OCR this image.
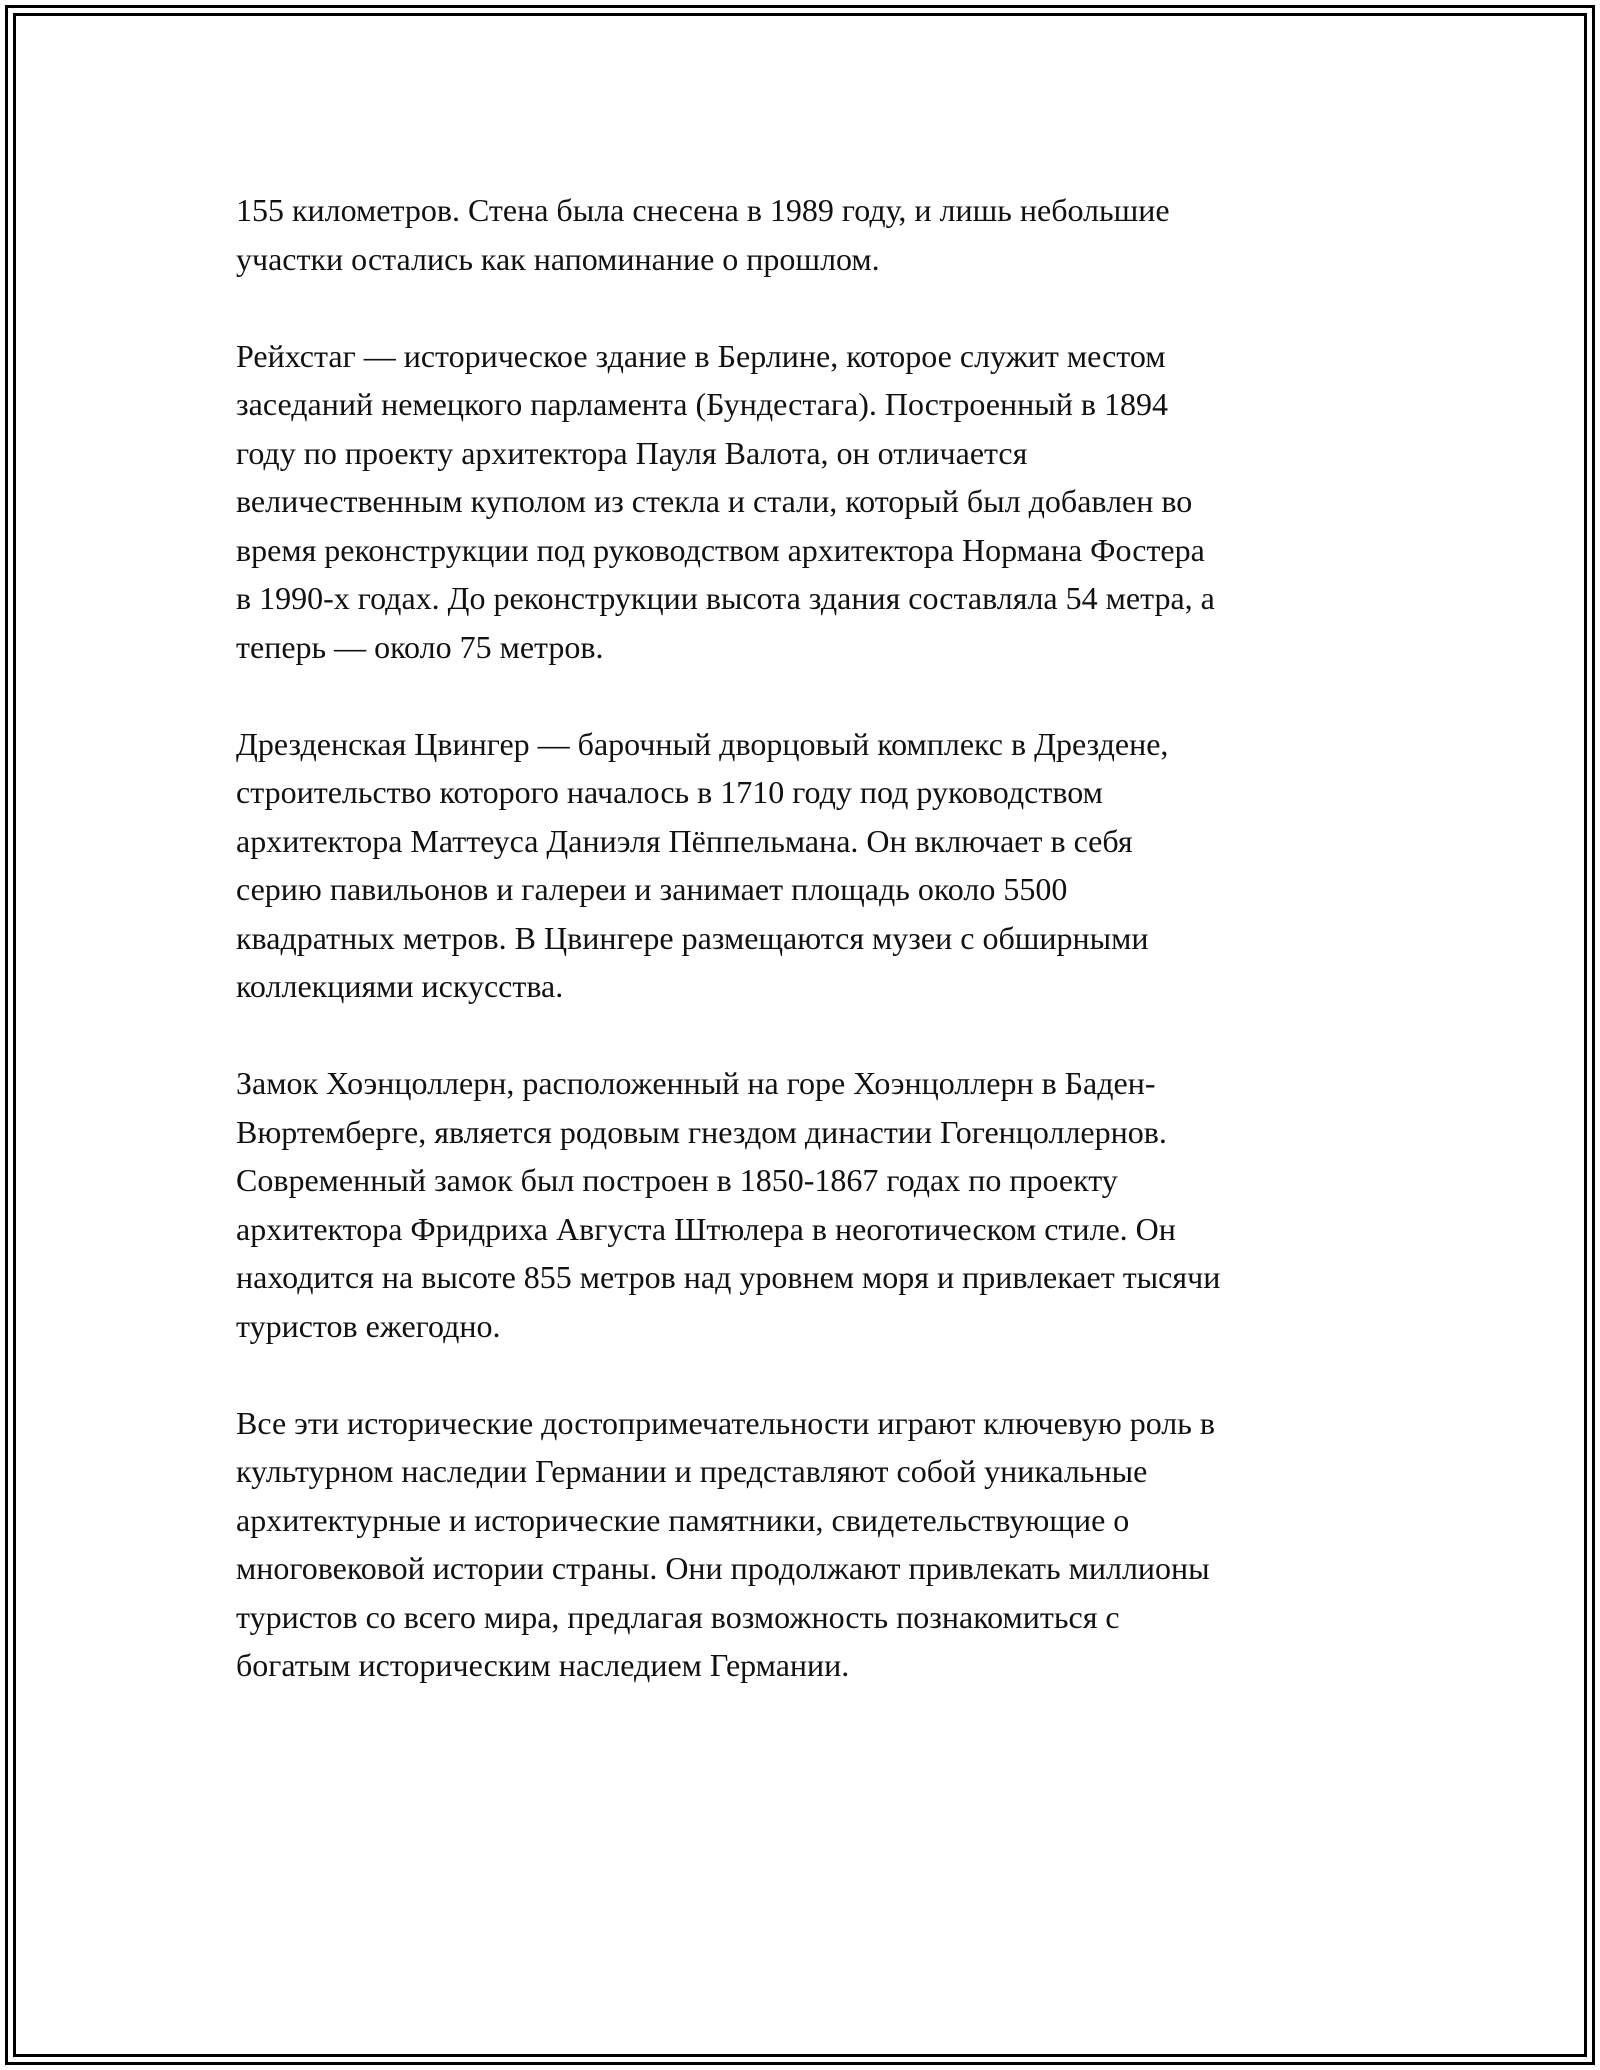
155 километров. Стена была снесена в 1989 году, и лишь небольшие
участки остались как напоминание о прошлом.

Рейхстаг — историческое здание в Берлине, которое служит местом
заседаний немецкого парламента (Бундестага). Построенный в 1894
году по проекту архитектора Пауля Валота, он отличается
величественным куполом из стекла и стали, который был добавлен во
время реконструкции под руководством архитектора Нормана Фостера
в 1990-х годах. До реконструкции высота здания составляла 54 метра, а
теперь — около 75 метров.

Дрезденская Цвингер — барочный дворцовый комплекс в Дрездене,
строительство которого началось в 1710 году под руководством
архитектора Маттеуса Даниэля Пёппельмана. Он включает в себя
серию павильонов и галереи и занимает площадь около 5500
квадратных метров. В Цвингере размещаются музеи с обширными
коллекциями искусства.

Замок Хоэнцоллерн, расположенный на горе Хоэнцоллерн в Баден-
Вюртемберге, является родовым гнездом династии Гогенцоллернов.
Современный замок был построен в 1850-1867 годах по проекту
архитектора Фридриха Августа Штюлера в неоготическом стиле. Он
находится на высоте 855 метров над уровнем моря и привлекает тысячи
туристов ежегодно.

Все эти исторические достопримечательности играют ключевую роль в
культурном наследии Германии и представляют собой уникальные
архитектурные и исторические памятники, свидетельствующие о
многовековой истории страны. Они продолжают привлекать миллионы
туристов со всего мира, предлагая возможность познакомиться с
богатым историческим наследием Германии.
